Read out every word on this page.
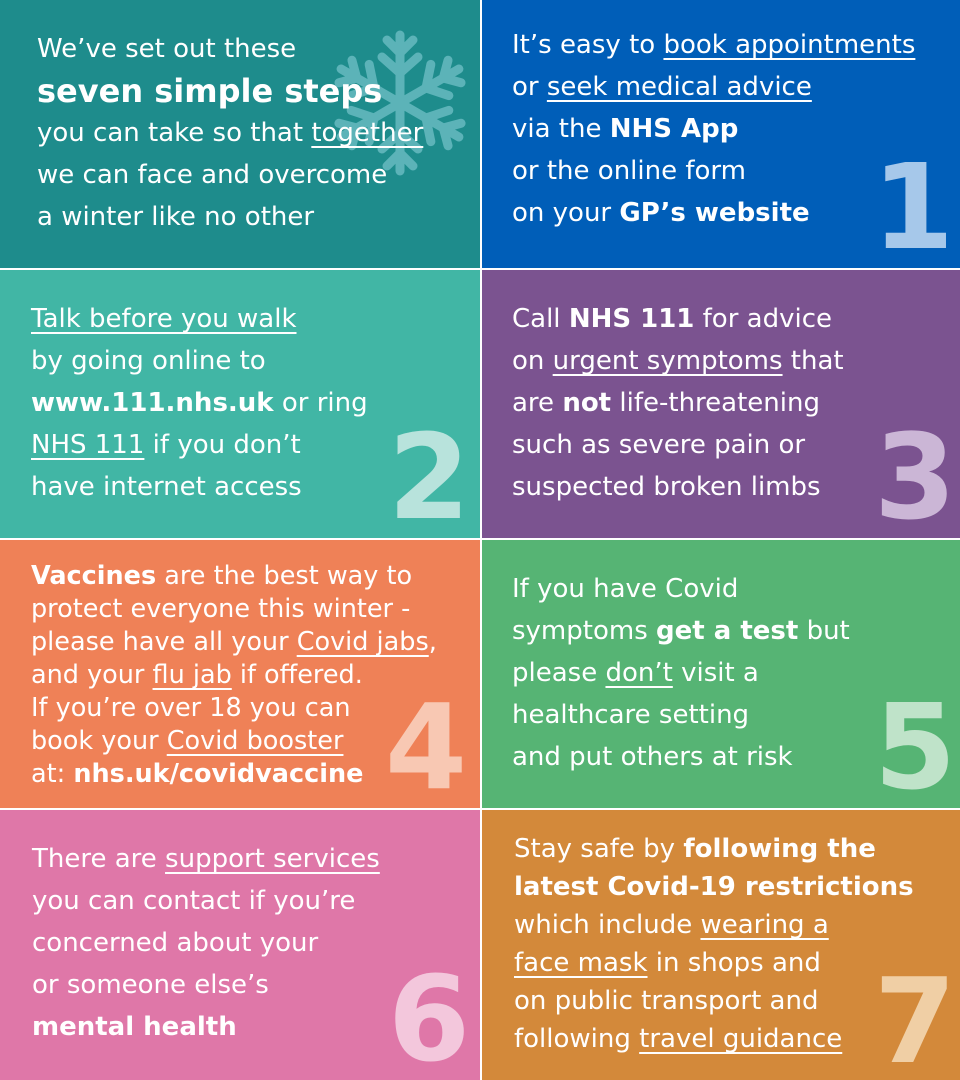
We’ve set out these
seven simple steps
you can take so that together
we can face and overcome
a winter like no other
It’s easy to book appointments
or seek medical advice
via the NHS App
or the online form
on your GP’s website 1
Talk before you walk
by going online to
www.111.nhs.uk or ring
NHS 111 if you don’t
have internet access 2
Call NHS 111 for advice
on urgent symptoms that
are not life-threatening
such as severe pain or
suspected broken limbs 3
Vaccines are the best way to
protect everyone this winter -
please have all your Covid jabs,
and your flu jab if offered.
If you’re over 18 you can
book your Covid booster
at: nhs.uk/covidvaccine 4
If you have Covid
symptoms get a test but
please don’t visit a
healthcare setting
and put others at risk 5
There are support services
you can contact if you’re
concerned about your
or someone else’s
mental health	6
Stay safe by following the
latest Covid-19 restrictions
which include wearing a
face mask in shops and
on public transport and
following travel guidance 7
